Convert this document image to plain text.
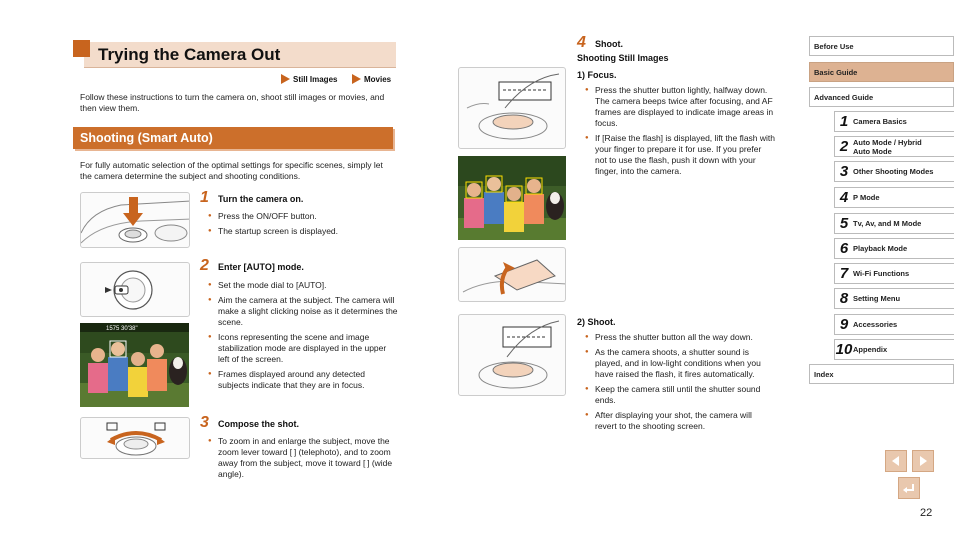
Trying the Camera Out
Still Images	Movies
Follow these instructions to turn the camera on, shoot still images or movies, and then view them.
Shooting (Smart Auto)
For fully automatic selection of the optimal settings for specific scenes, simply let the camera determine the subject and shooting conditions.
1 Turn the camera on.
● Press the ON/OFF button.
● The startup screen is displayed.
2 Enter [AUTO] mode.
● Set the mode dial to [AUTO].
● Aim the camera at the subject. The camera will make a slight clicking noise as it determines the scene.
● Icons representing the scene and image stabilization mode are displayed in the upper left of the screen.
● Frames displayed around any detected subjects indicate that they are in focus.
1575 30'38"
3 Compose the shot.
● To zoom in and enlarge the subject, move the zoom lever toward [ ] (telephoto), and to zoom away from the subject, move it toward [ ] (wide angle).
4 Shoot.
Shooting Still Images
1) Focus.
● Press the shutter button lightly, halfway down. The camera beeps twice after focusing, and AF frames are displayed to indicate image areas in focus.
● If [Raise the flash] is displayed, lift the flash with your finger to prepare it for use. If you prefer not to use the flash, push it down with your finger, into the camera.
2) Shoot.
● Press the shutter button all the way down.
● As the camera shoots, a shutter sound is played, and in low-light conditions when you have raised the flash, it fires automatically.
● Keep the camera still until the shutter sound ends.
● After displaying your shot, the camera will revert to the shooting screen.
Before Use
Basic Guide
Advanced Guide
1 Camera Basics
2 Auto Mode / Hybrid Auto Mode
3 Other Shooting Modes
4 P Mode
5 Tv, Av, and M Mode
6 Playback Mode
7 Wi-Fi Functions
8 Setting Menu
9 Accessories
10 Appendix
Index
22
